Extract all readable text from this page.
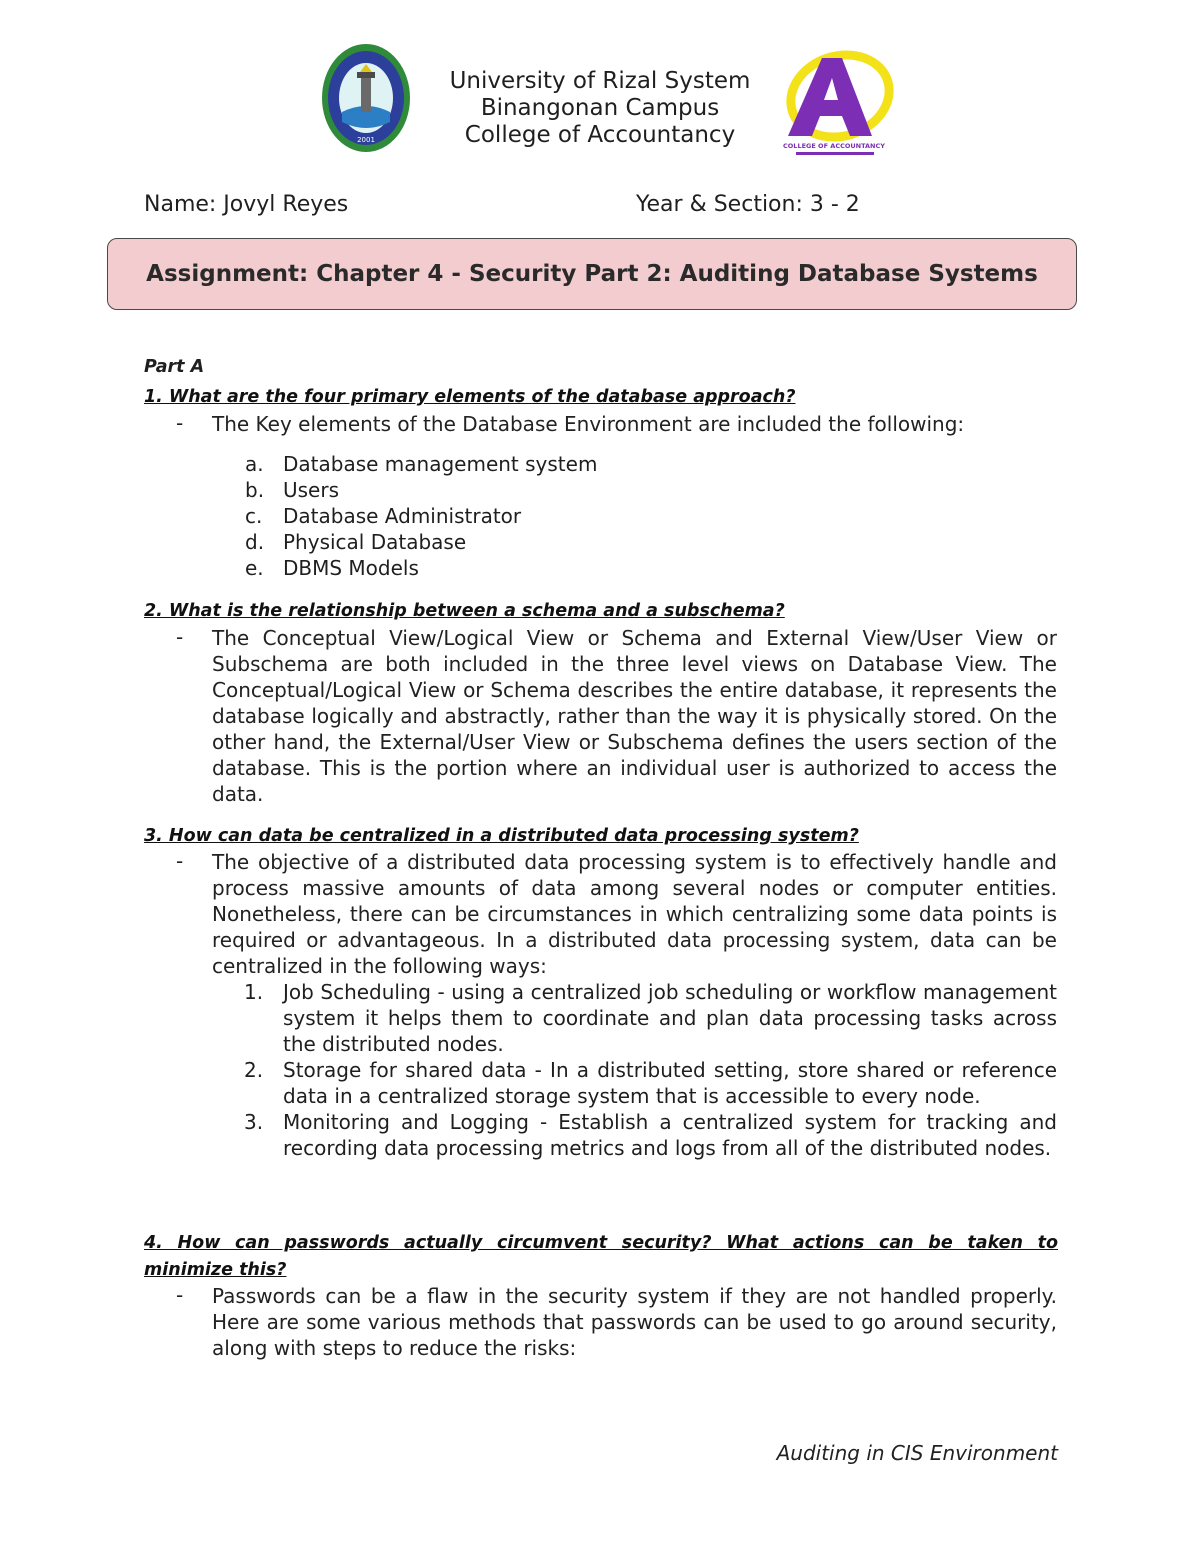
2001
University of Rizal System
Binangonan Campus
College of Accountancy	COLLEGE OF ACCOUNTANCY
Name: Jovyl Reyes	Year & Section: 3 - 2
Assignment: Chapter 4 - Security Part 2: Auditing Database Systems
Part A
1. What are the four primary elements of the database approach?
- The Key elements of the Database Environment are included the following:
a. Database management system
b. Users
c.	Database Administrator
d. Physical Database
e. DBMS Models
2. What is the relationship between a schema and a subschema?
- The Conceptual View/Logical View or Schema and External View/User View or Subschema are both included in the three level views on Database View. The Conceptual/Logical View or Schema describes the entire database, it represents the database logically and abstractly, rather than the way it is physically stored. On the other hand, the External/User View or Subschema defines the users section of the database. This is the portion where an individual user is authorized to access the data.
3. How can data be centralized in a distributed data processing system?
- The objective of a distributed data processing system is to effectively handle and process massive amounts of data among several nodes or computer entities. Nonetheless, there can be circumstances in which centralizing some data points is required or advantageous. In a distributed data processing system, data can be centralized in the following ways:
1. Job Scheduling - using a centralized job scheduling or workflow management system it helps them to coordinate and plan data processing tasks across the distributed nodes.
2. Storage for shared data - In a distributed setting, store shared or reference data in a centralized storage system that is accessible to every node.
3. Monitoring and Logging - Establish a centralized system for tracking and recording data processing metrics and logs from all of the distributed nodes.
4. How can passwords actually circumvent security? What actions can be taken to
minimize this?
- Passwords can be a flaw in the security system if they are not handled properly. Here are some various methods that passwords can be used to go around security, along with steps to reduce the risks:
Auditing in CIS Environment
